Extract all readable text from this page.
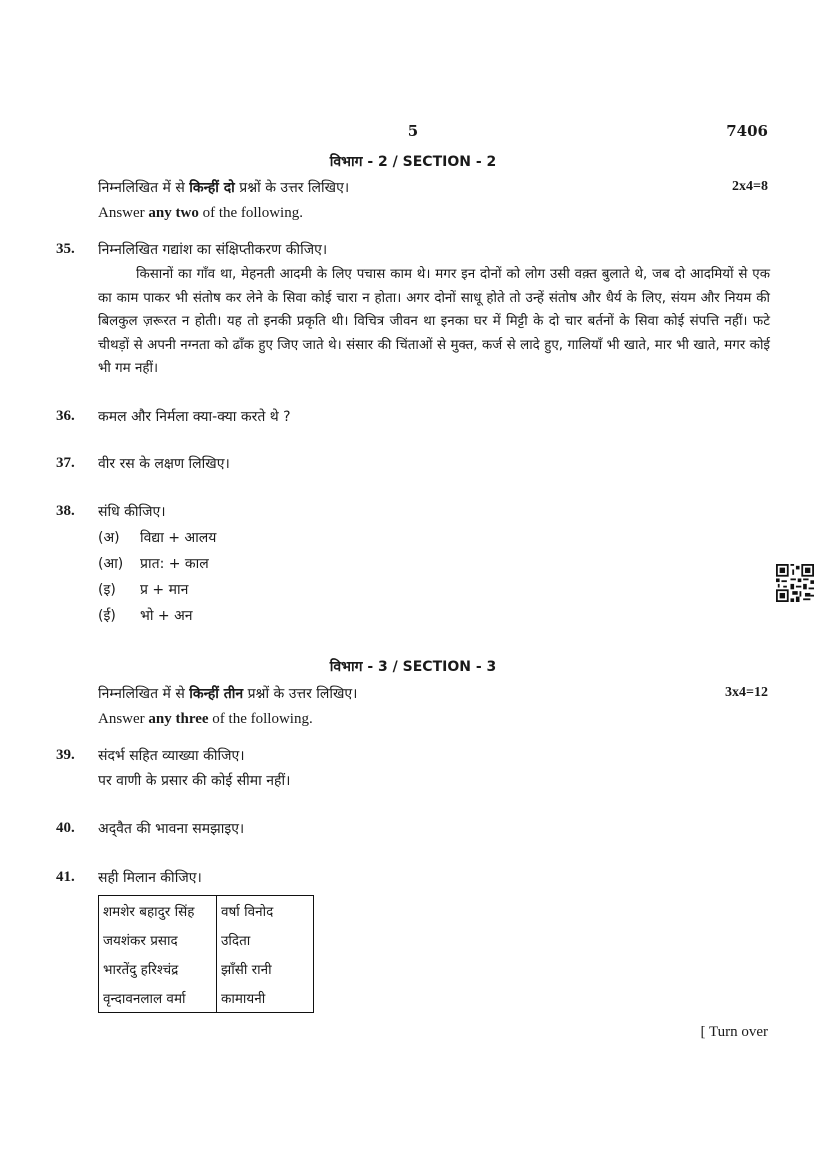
5	7406
विभाग - 2 / SECTION - 2
निम्नलिखित में से किन्हीं दो प्रश्नों के उत्तर लिखिए।	2x4=8
Answer any two of the following.
35. निम्नलिखित गद्यांश का संक्षिप्तीकरण कीजिए।

किसानों का गाँव था, मेहनती आदमी के लिए पचास काम थे। मगर इन दोनों को लोग उसी वक़्त बुलाते थे, जब दो आदमियों से एक का काम पाकर भी संतोष कर लेने के सिवा कोई चारा न होता। अगर दोनों साधू होते तो उन्हें संतोष और धैर्य के लिए, संयम और नियम की बिलकुल ज़रूरत न होती। यह तो इनकी प्रकृति थी। विचित्र जीवन था इनका घर में मिट्टी के दो चार बर्तनों के सिवा कोई संपत्ति नहीं। फटे चीथड़ों से अपनी नग्नता को ढाँक हुए जिए जाते थे। संसार की चिंताओं से मुक्त, कर्ज से लादे हुए, गालियाँ भी खाते, मार भी खाते, मगर कोई भी गम नहीं।

36. कमल और निर्मला क्या-क्या करते थे ?
37. वीर रस के लक्षण लिखिए।
38. संधि कीजिए।
(अ) विद्या + आलय
(आ) प्रात: + काल
(इ) प्र + मान
(ई) भो + अन
विभाग - 3 / SECTION - 3
निम्नलिखित में से किन्हीं तीन प्रश्नों के उत्तर लिखिए।	3x4=12
Answer any three of the following.
39. संदर्भ सहित व्याख्या कीजिए।
पर वाणी के प्रसार की कोई सीमा नहीं।
40. अद्‌वैत की भावना समझाइए।
41. सही मिलान कीजिए।
शमशेर बहादुर सिंह	वर्षा विनोद
जयशंकर प्रसाद	उदिता
भारतेंदु हरिश्चंद्र	झाँसी रानी
वृन्दावनलाल वर्मा	कामायनी
[ Turn over
